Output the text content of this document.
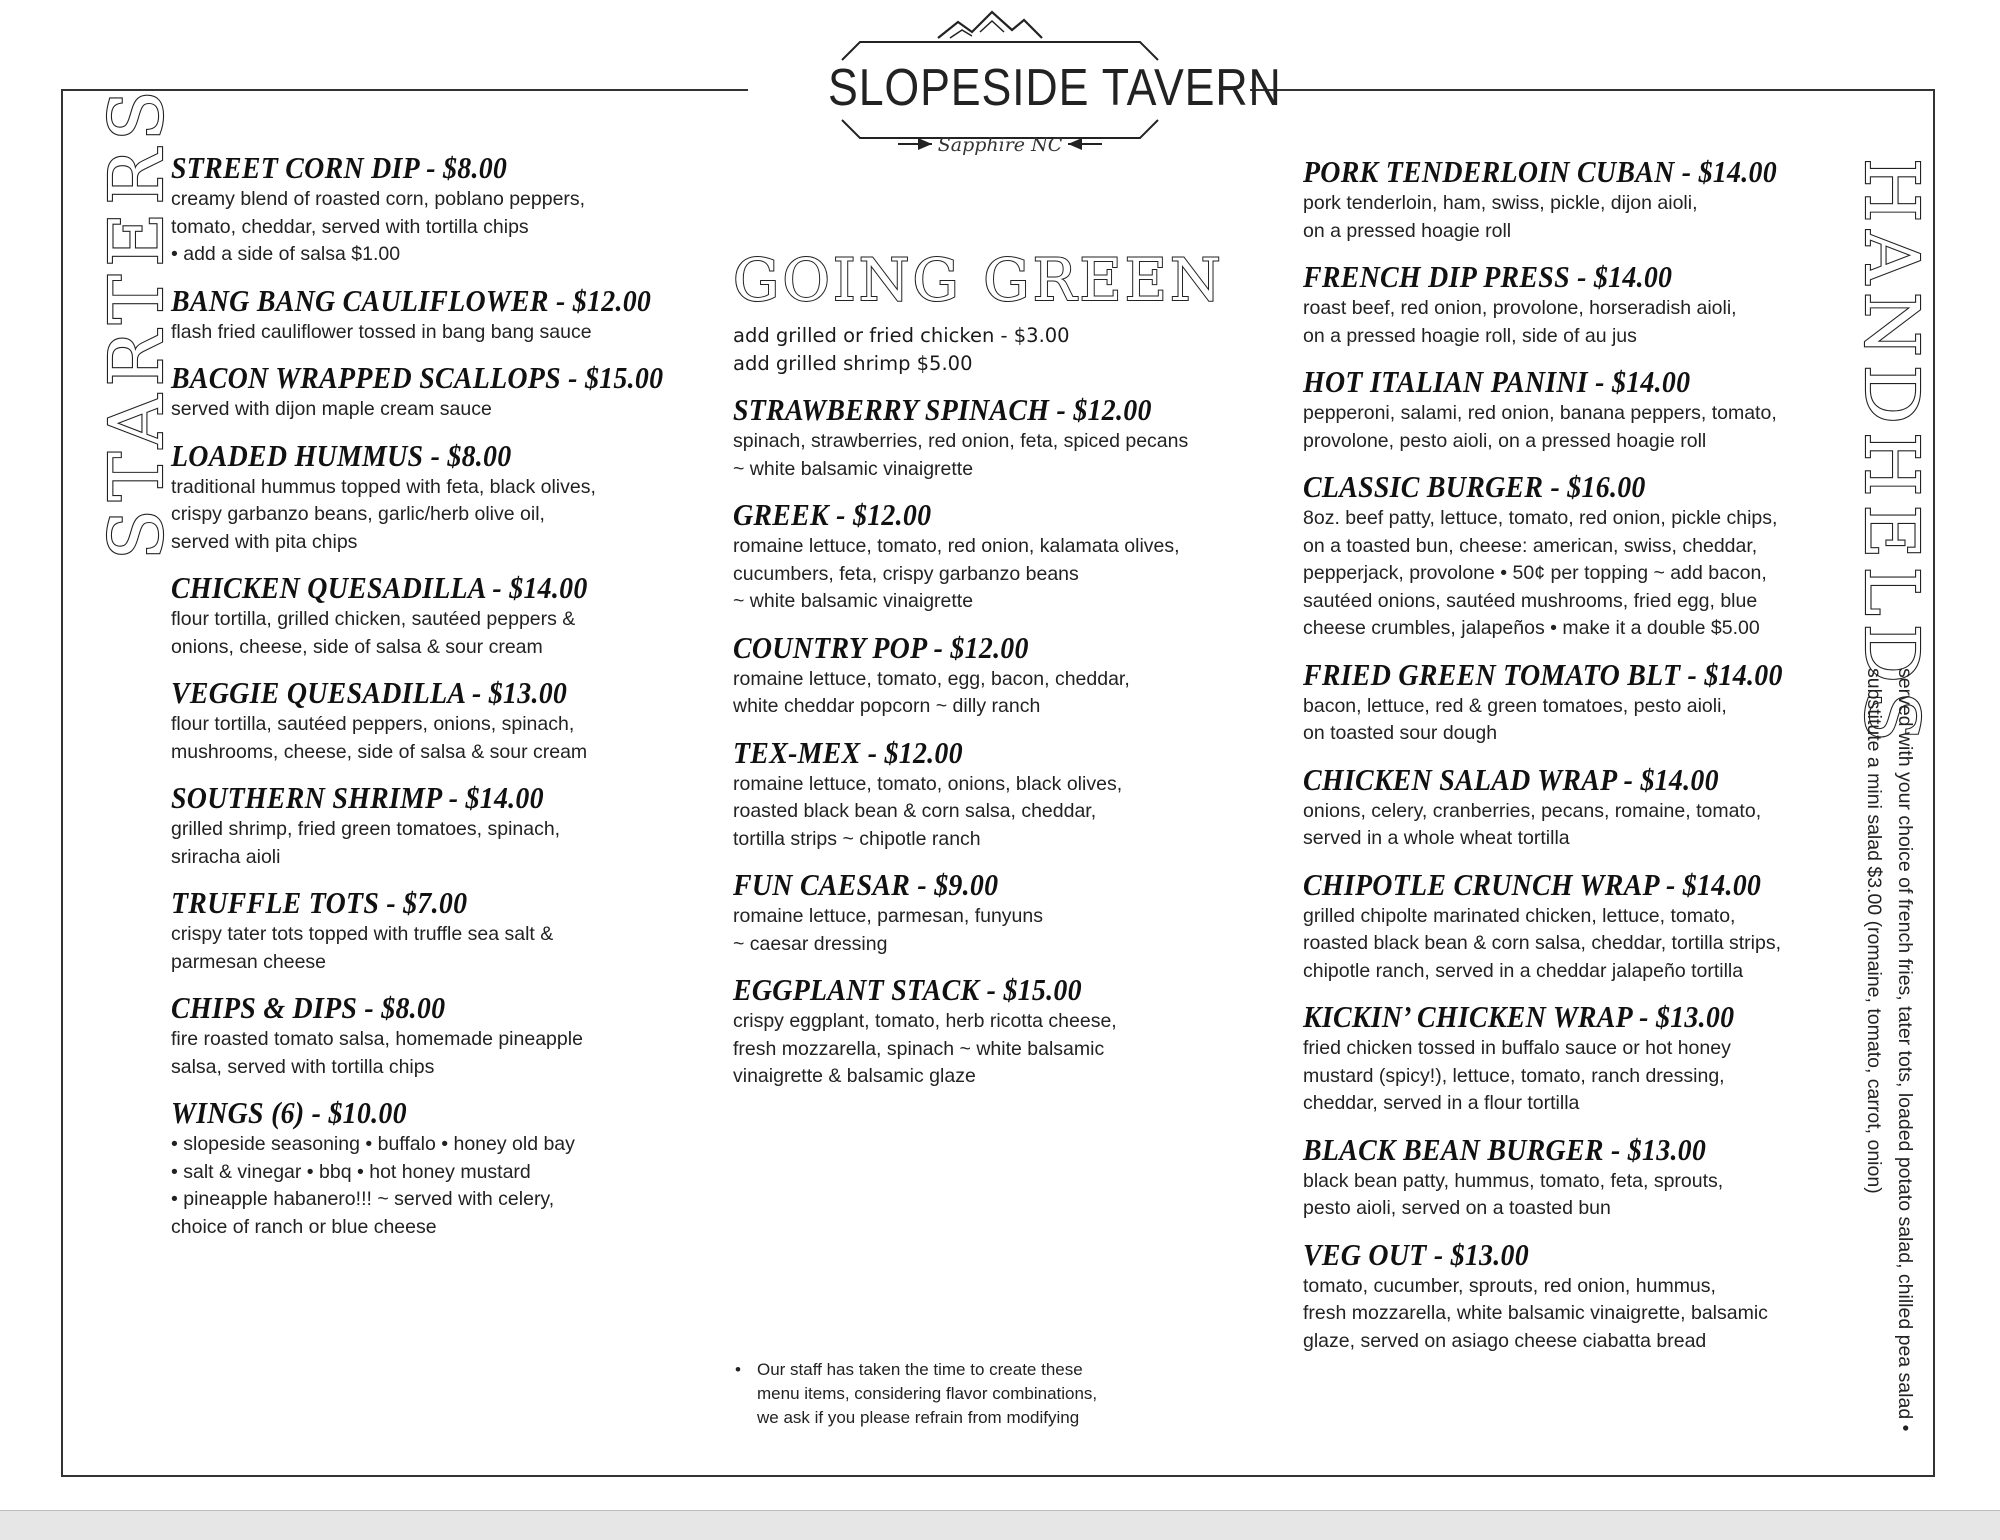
SLOPESIDE TAVERN
Sapphire NC
STARTERS
STREET CORN DIP - $8.00
creamy blend of roasted corn, poblano peppers,
tomato, cheddar, served with tortilla chips
• add a side of salsa $1.00
BANG BANG CAULIFLOWER - $12.00
flash fried cauliflower tossed in bang bang sauce
BACON WRAPPED SCALLOPS - $15.00
served with dijon maple cream sauce
LOADED HUMMUS - $8.00
traditional hummus topped with feta, black olives,
crispy garbanzo beans, garlic/herb olive oil,
served with pita chips
CHICKEN QUESADILLA - $14.00
flour tortilla, grilled chicken, sautéed peppers &
onions, cheese, side of salsa & sour cream
VEGGIE QUESADILLA - $13.00
flour tortilla, sautéed peppers, onions, spinach,
mushrooms, cheese, side of salsa & sour cream
SOUTHERN SHRIMP - $14.00
grilled shrimp, fried green tomatoes, spinach,
sriracha aioli
TRUFFLE TOTS - $7.00
crispy tater tots topped with truffle sea salt &
parmesan cheese
CHIPS & DIPS - $8.00
fire roasted tomato salsa, homemade pineapple
salsa, served with tortilla chips
WINGS (6) - $10.00
• slopeside seasoning • buffalo • honey old bay
• salt & vinegar • bbq • hot honey mustard
• pineapple habanero!!! ~ served with celery,
choice of ranch or blue cheese
GOING GREEN
add grilled or fried chicken - $3.00
add grilled shrimp $5.00
STRAWBERRY SPINACH - $12.00
spinach, strawberries, red onion, feta, spiced pecans
~ white balsamic vinaigrette
GREEK - $12.00
romaine lettuce, tomato, red onion, kalamata olives,
cucumbers, feta, crispy garbanzo beans
~ white balsamic vinaigrette
COUNTRY POP - $12.00
romaine lettuce, tomato, egg, bacon, cheddar,
white cheddar popcorn ~ dilly ranch
TEX-MEX - $12.00
romaine lettuce, tomato, onions, black olives,
roasted black bean & corn salsa, cheddar,
tortilla strips ~ chipotle ranch
FUN CAESAR - $9.00
romaine lettuce, parmesan, funyuns
~ caesar dressing
EGGPLANT STACK - $15.00
crispy eggplant, tomato, herb ricotta cheese,
fresh mozzarella, spinach ~ white balsamic
vinaigrette & balsamic glaze
• Our staff has taken the time to create these
menu items, considering flavor combinations,
we ask if you please refrain from modifying
PORK TENDERLOIN CUBAN - $14.00
pork tenderloin, ham, swiss, pickle, dijon aioli,
on a pressed hoagie roll
FRENCH DIP PRESS - $14.00
roast beef, red onion, provolone, horseradish aioli,
on a pressed hoagie roll, side of au jus
HOT ITALIAN PANINI - $14.00
pepperoni, salami, red onion, banana peppers, tomato,
provolone, pesto aioli, on a pressed hoagie roll
CLASSIC BURGER - $16.00
8oz. beef patty, lettuce, tomato, red onion, pickle chips,
on a toasted bun, cheese: american, swiss, cheddar,
pepperjack, provolone • 50¢ per topping ~ add bacon,
sautéed onions, sautéed mushrooms, fried egg, blue
cheese crumbles, jalapeños • make it a double $5.00
FRIED GREEN TOMATO BLT - $14.00
bacon, lettuce, red & green tomatoes, pesto aioli,
on toasted sour dough
CHICKEN SALAD WRAP - $14.00
onions, celery, cranberries, pecans, romaine, tomato,
served in a whole wheat tortilla
CHIPOTLE CRUNCH WRAP - $14.00
grilled chipolte marinated chicken, lettuce, tomato,
roasted black bean & corn salsa, cheddar, tortilla strips,
chipotle ranch, served in a cheddar jalapeño tortilla
KICKIN’ CHICKEN WRAP - $13.00
fried chicken tossed in buffalo sauce or hot honey
mustard (spicy!), lettuce, tomato, ranch dressing,
cheddar, served in a flour tortilla
BLACK BEAN BURGER - $13.00
black bean patty, hummus, tomato, feta, sprouts,
pesto aioli, served on a toasted bun
VEG OUT - $13.00
tomato, cucumber, sprouts, red onion, hummus,
fresh mozzarella, white balsamic vinaigrette, balsamic
glaze, served on asiago cheese ciabatta bread
HANDHELDS
served with your choice of french fries, tater tots, loaded potato salad, chilled pea salad • substitute a mini salad $3.00 (romaine, tomato, carrot, onion)
